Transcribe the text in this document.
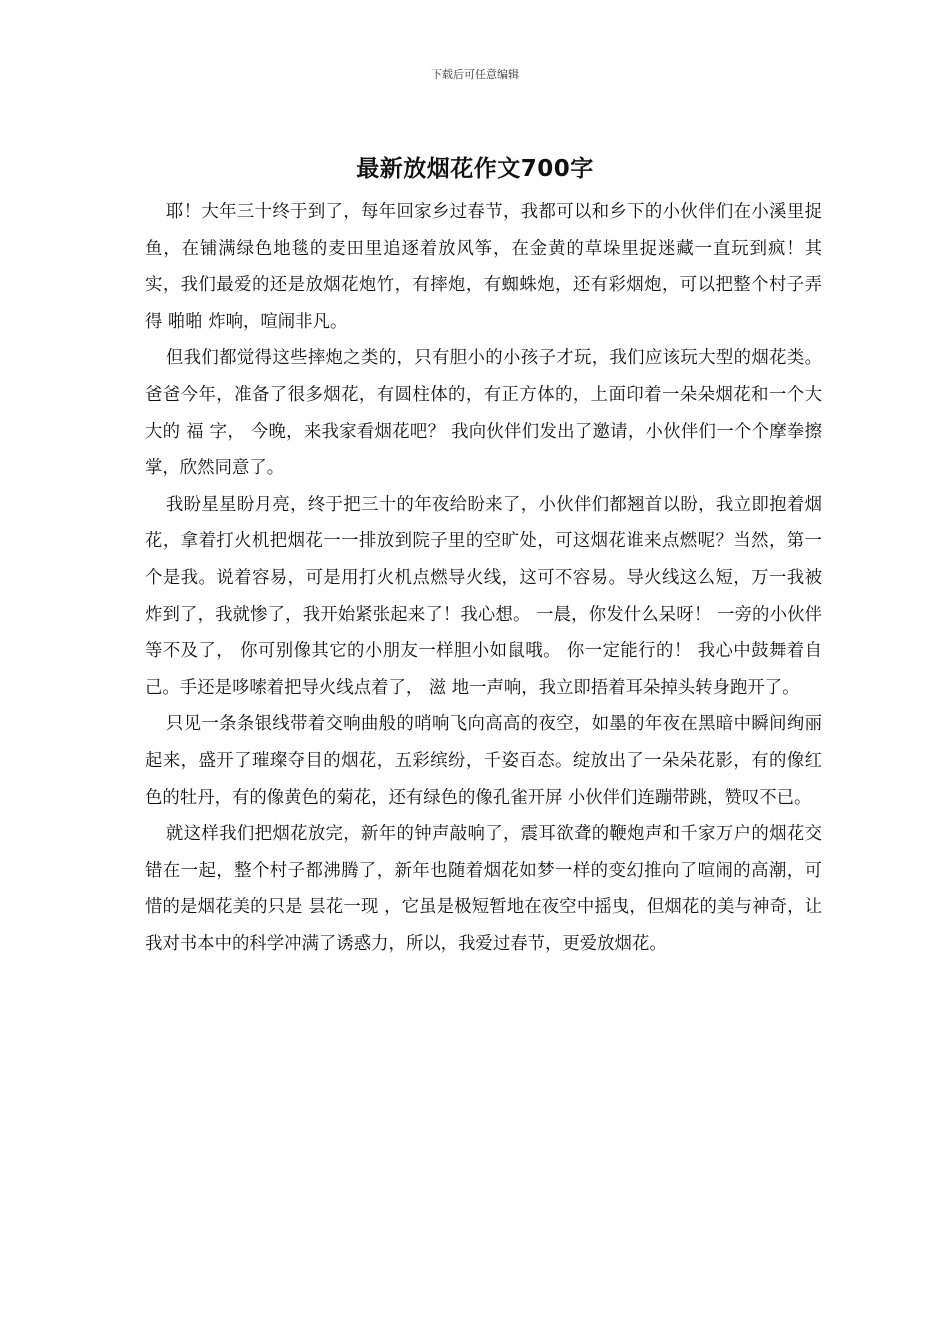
下载后可任意编辑
最新放烟花作文700字

耶！大年三十终于到了，每年回家乡过春节，我都可以和乡下的小伙伴们在小溪里捉鱼，在铺满绿色地毯的麦田里追逐着放风筝，在金黄的草垛里捉迷藏一直玩到疯！其实，我们最爱的还是放烟花炮竹，有摔炮，有蜘蛛炮，还有彩烟炮，可以把整个村子弄得 啪啪 炸响，喧闹非凡。

但我们都觉得这些摔炮之类的，只有胆小的小孩子才玩，我们应该玩大型的烟花类。爸爸今年，准备了很多烟花，有圆柱体的，有正方体的，上面印着一朵朵烟花和一个大大的 福 字， 今晚，来我家看烟花吧？ 我向伙伴们发出了邀请，小伙伴们一个个摩拳擦掌，欣然同意了。

我盼星星盼月亮，终于把三十的年夜给盼来了，小伙伴们都翘首以盼，我立即抱着烟花，拿着打火机把烟花一一排放到院子里的空旷处，可这烟花谁来点燃呢？当然，第一个是我。说着容易，可是用打火机点燃导火线，这可不容易。导火线这么短，万一我被炸到了，我就惨了，我开始紧张起来了！我心想。 一晨，你发什么呆呀！ 一旁的小伙伴等不及了， 你可别像其它的小朋友一样胆小如鼠哦。 你一定能行的！ 我心中鼓舞着自己。手还是哆嗦着把导火线点着了， 滋 地一声响，我立即捂着耳朵掉头转身跑开了。

只见一条条银线带着交响曲般的哨响飞向高高的夜空，如墨的年夜在黑暗中瞬间绚丽起来，盛开了璀璨夺目的烟花，五彩缤纷，千姿百态。绽放出了一朵朵花影，有的像红色的牡丹，有的像黄色的菊花，还有绿色的像孔雀开屏 小伙伴们连蹦带跳，赞叹不已。

就这样我们把烟花放完，新年的钟声敲响了，震耳欲聋的鞭炮声和千家万户的烟花交错在一起，整个村子都沸腾了，新年也随着烟花如梦一样的变幻推向了喧闹的高潮，可惜的是烟花美的只是 昙花一现 ，它虽是极短暂地在夜空中摇曳，但烟花的美与神奇，让我对书本中的科学冲满了诱惑力，所以，我爱过春节，更爱放烟花。
